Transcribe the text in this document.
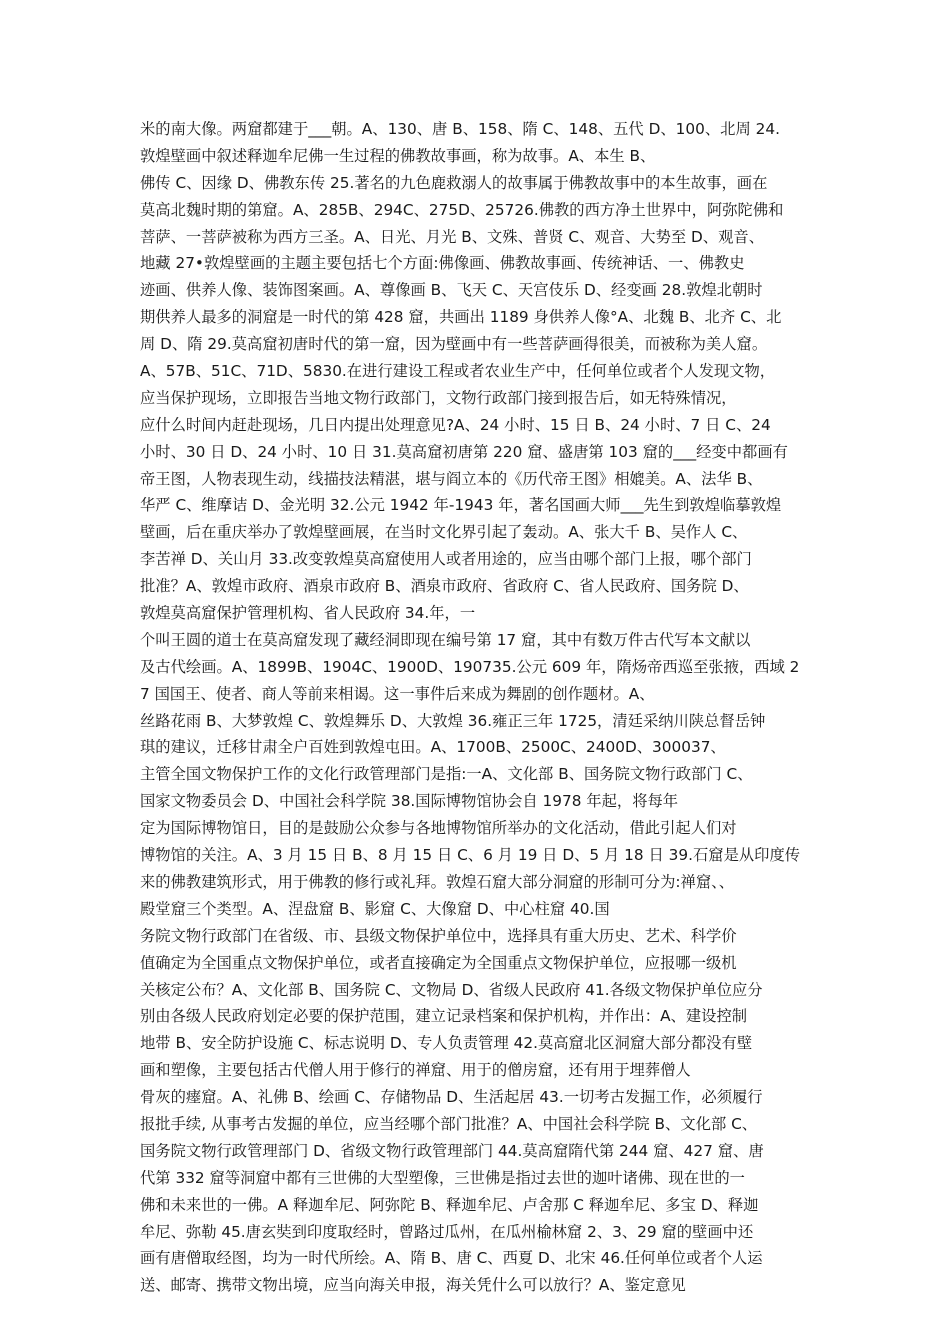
米的南大像。两窟都建于___朝。A、130、唐 B、158、隋 C、148、五代 D、100、北周 24.
敦煌壁画中叙述释迦牟尼佛一生过程的佛教故事画，称为故事。A、本生 B、
佛传 C、因缘 D、佛教东传 25.著名的九色鹿救溺人的故事属于佛教故事中的本生故事，画在
莫高北魏时期的第窟。A、285B、294C、275D、25726.佛教的西方净土世界中，阿弥陀佛和
菩萨、一菩萨被称为西方三圣。A、日光、月光 B、文殊、普贤 C、观音、大势至 D、观音、
地藏 27•敦煌壁画的主题主要包括七个方面:佛像画、佛教故事画、传统神话、一、佛教史
迹画、供养人像、装饰图案画。A、尊像画 B、飞天 C、天宫伎乐 D、经变画 28.敦煌北朝时
期供养人最多的洞窟是一时代的第 428 窟，共画出 1189 身供养人像°A、北魏 B、北齐 C、北
周 D、隋 29.莫高窟初唐时代的第一窟，因为壁画中有一些菩萨画得很美，而被称为美人窟。
A、57B、51C、71D、5830.在进行建设工程或者农业生产中，任何单位或者个人发现文物，
应当保护现场，立即报告当地文物行政部门，文物行政部门接到报告后，如无特殊情况，
应什么时间内赶赴现场，几日内提出处理意见?A、24 小时、15 日 B、24 小时、7 日 C、24
小时、30 日 D、24 小时、10 日 31.莫高窟初唐第 220 窟、盛唐第 103 窟的___经变中都画有
帝王图，人物表现生动，线描技法精湛，堪与阎立本的《历代帝王图》相媲美。A、法华 B、
华严 C、维摩诘 D、金光明 32.公元 1942 年-1943 年，著名国画大师___先生到敦煌临摹敦煌
壁画，后在重庆举办了敦煌壁画展，在当时文化界引起了轰动。A、张大千 B、吴作人 C、
李苦禅 D、关山月 33.改变敦煌莫高窟使用人或者用途的，应当由哪个部门上报，哪个部门
批准？A、敦煌市政府、酒泉市政府 B、酒泉市政府、省政府 C、省人民政府、国务院 D、
敦煌莫高窟保护管理机构、省人民政府 34.年，一
个叫王圆的道士在莫高窟发现了藏经洞即现在编号第 17 窟，其中有数万件古代写本文献以
及古代绘画。A、1899B、1904C、1900D、190735.公元 609 年，隋炀帝西巡至张掖，西域 2
7 国国王、使者、商人等前来相谒。这一事件后来成为舞剧的创作题材。A、
丝路花雨 B、大梦敦煌 C、敦煌舞乐 D、大敦煌 36.雍正三年 1725，清廷采纳川陕总督岳钟
琪的建议，迁移甘肃全户百姓到敦煌屯田。A、1700B、2500C、2400D、300037、
主管全国文物保护工作的文化行政管理部门是指:一A、文化部 B、国务院文物行政部门 C、
国家文物委员会 D、中国社会科学院 38.国际博物馆协会自 1978 年起，将每年
定为国际博物馆日，目的是鼓励公众参与各地博物馆所举办的文化活动，借此引起人们对
博物馆的关注。A、3 月 15 日 B、8 月 15 日 C、6 月 19 日 D、5 月 18 日 39.石窟是从印度传
来的佛教建筑形式，用于佛教的修行或礼拜。敦煌石窟大部分洞窟的形制可分为:禅窟、、
殿堂窟三个类型。A、涅盘窟 B、影窟 C、大像窟 D、中心柱窟 40.国
务院文物行政部门在省级、市、县级文物保护单位中，选择具有重大历史、艺术、科学价
值确定为全国重点文物保护单位，或者直接确定为全国重点文物保护单位，应报哪一级机
关核定公布？A、文化部 B、国务院 C、文物局 D、省级人民政府 41.各级文物保护单位应分
别由各级人民政府划定必要的保护范围，建立记录档案和保护机构，并作出：A、建设控制
地带 B、安全防护设施 C、标志说明 D、专人负责管理 42.莫高窟北区洞窟大部分都没有壁
画和塑像，主要包括古代僧人用于修行的禅窟、用于的僧房窟，还有用于埋葬僧人
骨灰的瘗窟。A、礼佛 B、绘画 C、存储物品 D、生活起居 43.一切考古发掘工作，必须履行
报批手续, 从事考古发掘的单位，应当经哪个部门批准？A、中国社会科学院 B、文化部 C、
国务院文物行政管理部门 D、省级文物行政管理部门 44.莫高窟隋代第 244 窟、427 窟、唐
代第 332 窟等洞窟中都有三世佛的大型塑像，三世佛是指过去世的迦叶诸佛、现在世的一
佛和未来世的一佛。A 释迦牟尼、阿弥陀 B、释迦牟尼、卢舍那 C 释迦牟尼、多宝 D、释迦
牟尼、弥勒 45.唐玄奘到印度取经时，曾路过瓜州，在瓜州榆林窟 2、3、29 窟的壁画中还
画有唐僧取经图，均为一时代所绘。A、隋 B、唐 C、西夏 D、北宋 46.任何单位或者个人运
送、邮寄、携带文物出境，应当向海关申报，海关凭什么可以放行？A、鉴定意见
